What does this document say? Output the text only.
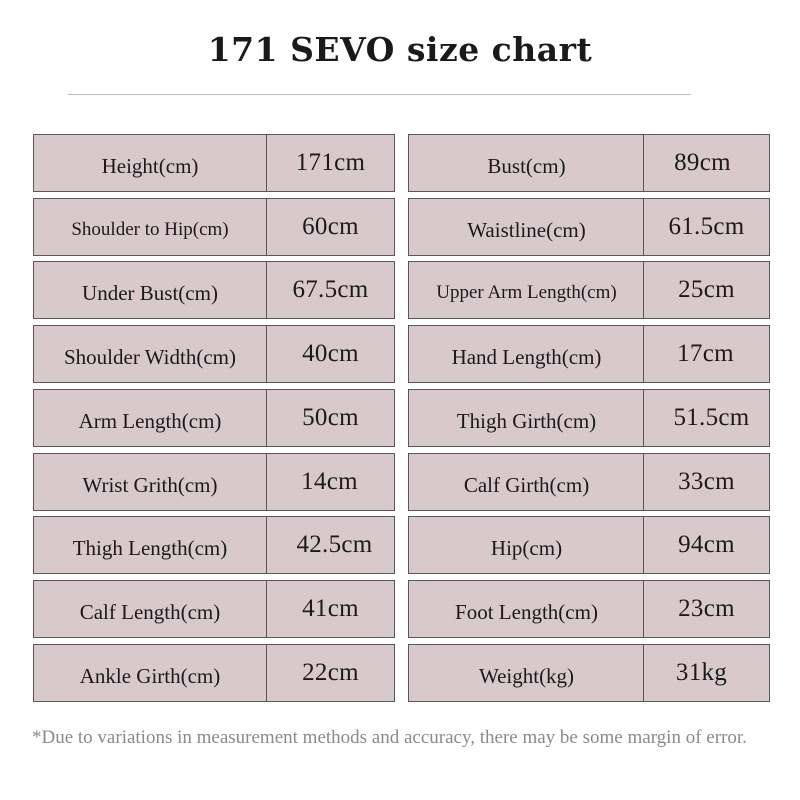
171 SEVO size chart
Height(cm)	171cm
Shoulder to Hip(cm)	60cm
Under Bust(cm)	67.5cm
Shoulder Width(cm)	40cm
Arm Length(cm)	50cm
Wrist Grith(cm)	14cm
Thigh Length(cm)	42.5cm
Calf Length(cm)	41cm
Ankle Girth(cm)	22cm
Bust(cm)	89cm
Waistline(cm)	61.5cm
Upper Arm Length(cm)	25cm
Hand Length(cm)	17cm
Thigh Girth(cm)	51.5cm
Calf Girth(cm)	33cm
Hip(cm)	94cm
Foot Length(cm)	23cm
Weight(kg)	31kg
*Due to variations in measurement methods and accuracy, there may be some margin of error.
